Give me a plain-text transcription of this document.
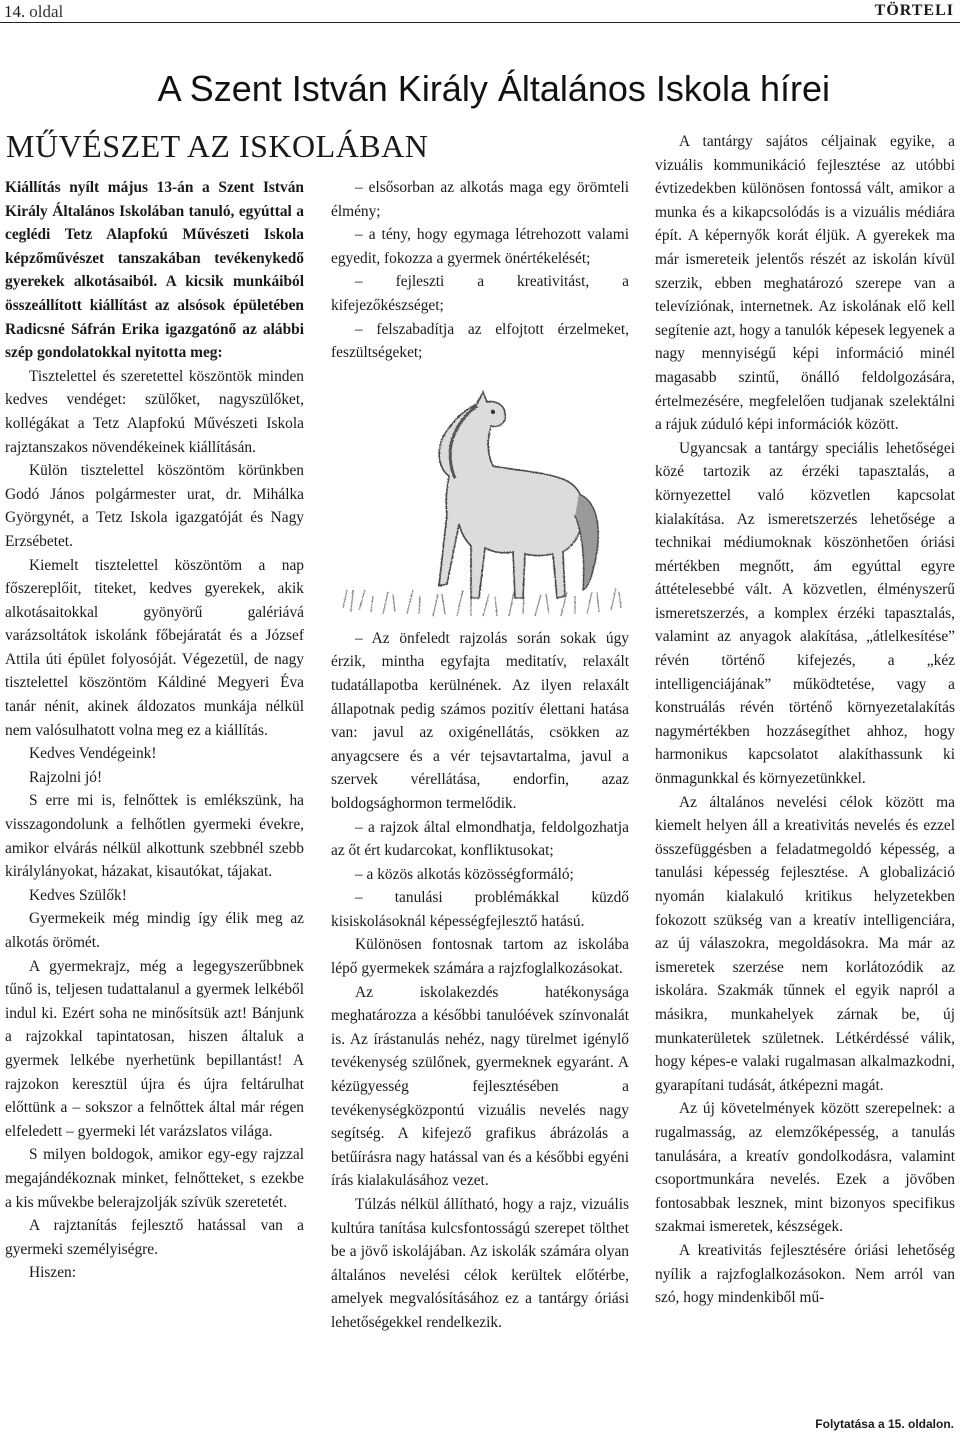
14. oldal	TÖRTELI
A Szent István Király Általános Iskola hírei
MŰVÉSZET AZ ISKOLÁBAN

Kiállítás nyílt május 13-án a Szent István Király Általános Iskolában tanuló, egyúttal a ceglédi Tetz Alapfokú Művészeti Iskola képzőművészet tanszakában tevékenykedő gyerekek alkotásaiból. A kicsik munkáiból összeállított kiállítást az alsósok épületében Radicsné Sáfrán Erika igazgatónő az alábbi szép gondolatokkal nyitotta meg:

Tisztelettel és szeretettel köszöntök minden kedves vendéget: szülőket, nagyszülőket, kollégákat a Tetz Alapfokú Művészeti Iskola rajztanszakos növendékeinek kiállításán.

Külön tisztelettel köszöntöm körünkben Godó János polgármester urat, dr. Mihálka Györgynét, a Tetz Iskola igazgatóját és Nagy Erzsébetet.

Kiemelt tisztelettel köszöntöm a nap főszereplőit, titeket, kedves gyerekek, akik alkotásaitokkal gyönyörű galériává varázsoltátok iskolánk főbejáratát és a József Attila úti épület folyosóját. Végezetül, de nagy tisztelettel köszöntöm Káldiné Megyeri Éva tanár nénit, akinek áldozatos munkája nélkül nem valósulhatott volna meg ez a kiállítás.

Kedves Vendégeink!

Rajzolni jó!

S erre mi is, felnőttek is emlékszünk, ha visszagondolunk a felhőtlen gyermeki évekre, amikor elvárás nélkül alkottunk szebbnél szebb királylányokat, házakat, kisautókat, tájakat.

Kedves Szülők!

Gyermekeik még mindig így élik meg az alkotás örömét.

A gyermekrajz, még a legegyszerűbbnek tűnő is, teljesen tudattalanul a gyermek lelkéből indul ki. Ezért soha ne minősítsük azt! Bánjunk a rajzokkal tapintatosan, hiszen általuk a gyermek lelkébe nyerhetünk bepillantást! A rajzokon keresztül újra és újra feltárulhat előttünk a – sokszor a felnőttek által már régen elfeledett – gyermeki lét varázslatos világa.

S milyen boldogok, amikor egy-egy rajzzal megajándékoznak minket, felnőtteket, s ezekbe a kis művekbe belerajzolják szívük szeretetét.

A rajztanítás fejlesztő hatással van a gyermeki személyiségre.

Hiszen:

– elsősorban az alkotás maga egy örömteli élmény;

– a tény, hogy egymaga létrehozott valami egyedit, fokozza a gyermek önértékelését;

– fejleszti a kreativitást, a kifejezőkészséget;

– felszabadítja az elfojtott érzelmeket, feszültségeket;

– Az önfeledt rajzolás során sokak úgy érzik, mintha egyfajta meditatív, relaxált tudatállapotba kerülnének. Az ilyen relaxált állapotnak pedig számos pozitív élettani hatása van: javul az oxigénellátás, csökken az anyagcsere és a vér tejsavtartalma, javul a szervek vérellátása, endorfin, azaz boldogsághormon termelődik.

– a rajzok által elmondhatja, feldolgozhatja az őt ért kudarcokat, konfliktusokat;

– a közös alkotás közösségformáló;

– tanulási problémákkal küzdő kisiskolásoknál képességfejlesztő hatású.

Különösen fontosnak tartom az iskolába lépő gyermekek számára a rajzfoglalkozásokat.

Az iskolakezdés hatékonysága meghatározza a későbbi tanulóévek színvonalát is. Az írástanulás nehéz, nagy türelmet igénylő tevékenység szülőnek, gyermeknek egyaránt. A kézügyesség fejlesztésében a tevékenységközpontú vizuális nevelés nagy segítség. A kifejező grafikus ábrázolás a betűírásra nagy hatással van és a későbbi egyéni írás kialakulásához vezet.

Túlzás nélkül állítható, hogy a rajz, vizuális kultúra tanítása kulcsfontosságú szerepet tölthet be a jövő iskolájában. Az iskolák számára olyan általános nevelési célok kerültek előtérbe, amelyek megvalósításához ez a tantárgy óriási lehetőségekkel rendelkezik.

A tantárgy sajátos céljainak egyike, a vizuális kommunikáció fejlesztése az utóbbi évtizedekben különösen fontossá vált, amikor a munka és a kikapcsolódás is a vizuális médiára épít. A képernyők korát éljük. A gyerekek ma már ismereteik jelentős részét az iskolán kívül szerzik, ebben meghatározó szerepe van a televíziónak, internetnek. Az iskolának elő kell segítenie azt, hogy a tanulók képesek legyenek a nagy mennyiségű képi információ minél magasabb szintű, önálló feldolgozására, értelmezésére, megfelelően tudjanak szelektálni a rájuk zúduló képi információk között.

Ugyancsak a tantárgy speciális lehetőségei közé tartozik az érzéki tapasztalás, a környezettel való közvetlen kapcsolat kialakítása. Az ismeretszerzés lehetősége a technikai médiumoknak köszönhetően óriási mértékben megnőtt, ám egyúttal egyre áttételesebbé vált. A közvetlen, élményszerű ismeretszerzés, a komplex érzéki tapasztalás, valamint az anyagok alakítása, „átlelkesítése” révén történő kifejezés, a „kéz intelligenciájának” működtetése, vagy a konstruálás révén történő környezetalakítás nagymértékben hozzásegíthet ahhoz, hogy harmonikus kapcsolatot alakíthassunk ki önmagunkkal és környezetünkkel.

Az általános nevelési célok között ma kiemelt helyen áll a kreativitás nevelés és ezzel összefüggésben a feladatmegoldó képesség, a tanulási képesség fejlesztése. A globalizáció nyomán kialakuló kritikus helyzetekben fokozott szükség van a kreatív intelligenciára, az új válaszokra, megoldásokra. Ma már az ismeretek szerzése nem korlátozódik az iskolára. Szakmák tűnnek el egyik napról a másikra, munkahelyek zárnak be, új munkaterületek születnek. Létkérdéssé válik, hogy képes-e valaki rugalmasan alkalmazkodni, gyarapítani tudását, átképezni magát.

Az új követelmények között szerepelnek: a rugalmasság, az elemzőképesség, a tanulás tanulására, a kreatív gondolkodásra, valamint csoportmunkára nevelés. Ezek a jövőben fontosabbak lesznek, mint bizonyos specifikus szakmai ismeretek, készségek.

A kreativitás fejlesztésére óriási lehetőség nyílik a rajzfoglalkozásokon. Nem arról van szó, hogy mindenkiből mű-

Folytatása a 15. oldalon.
